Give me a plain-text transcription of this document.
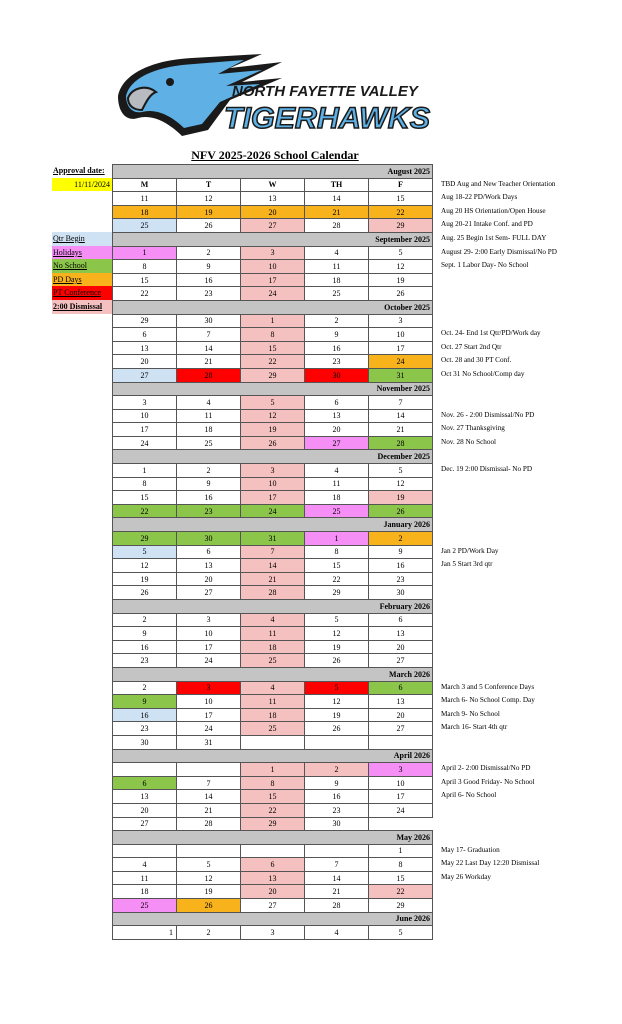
NORTH FAYETTE VALLEY
TIGERHAWKS
NFV 2025-2026 School Calendar
Approval date:
11/11/2024
Qtr Begin
Holidays
No School
PD Days
PT Conference
2:00 Dismissal
August 2025				
M	T	W	TH	F
11	12	13	14	15
18	19	20	21	22
25	26	27	28	29
September 2025				
1	2	3	4	5
8	9	10	11	12
15	16	17	18	19
22	23	24	25	26
October 2025				
29	30	1	2	3
6	7	8	9	10
13	14	15	16	17
20	21	22	23	24
27	28	29	30	31
November 2025				
3	4	5	6	7
10	11	12	13	14
17	18	19	20	21
24	25	26	27	28
December 2025				
1	2	3	4	5
8	9	10	11	12
15	16	17	18	19
22	23	24	25	26
January 2026				
29	30	31	1	2
5	6	7	8	9
12	13	14	15	16
19	20	21	22	23
26	27	28	29	30
February 2026				
2	3	4	5	6
9	10	11	12	13
16	17	18	19	20
23	24	25	26	27
March 2026				
2	3	4	5	6
9	10	11	12	13
16	17	18	19	20
23	24	25	26	27
30	31			
April 2026				
		1	2	3
6	7	8	9	10
13	14	15	16	17
20	21	22	23	24
27	28	29	30	
May 2026				
				1
4	5	6	7	8
11	12	13	14	15
18	19	20	21	22
25	26	27	28	29
June 2026				
1	2	3	4	5
TBD Aug and New Teacher Orientation
Aug 18-22 PD/Work Days
Aug 20 HS Orientation/Open House
Aug 20-21 Intake Conf. and PD
Aug. 25 Begin 1st Sem- FULL DAY
August 29- 2:00 Early Dismissal/No PD
Sept. 1 Labor Day- No School
Oct. 24- End 1st Qtr/PD/Work day
Oct. 27 Start 2nd Qtr
Oct. 28 and 30 PT Conf.
Oct 31 No School/Comp day
Nov. 26 - 2:00 Dismissal/No PD
Nov. 27 Thanksgiving
Nov. 28 No School
Dec. 19 2:00 Dismissal- No PD
Jan 2 PD/Work Day
Jan 5 Start 3rd qtr
March 3 and 5 Conference Days
March 6- No School Comp. Day
March 9- No School
March 16- Start 4th qtr
April 2- 2:00 Dismissal/No PD
April 3 Good Friday- No School
April 6- No School
May 17- Graduation
May 22 Last Day 12:20 Dismissal
May 26 Workday
